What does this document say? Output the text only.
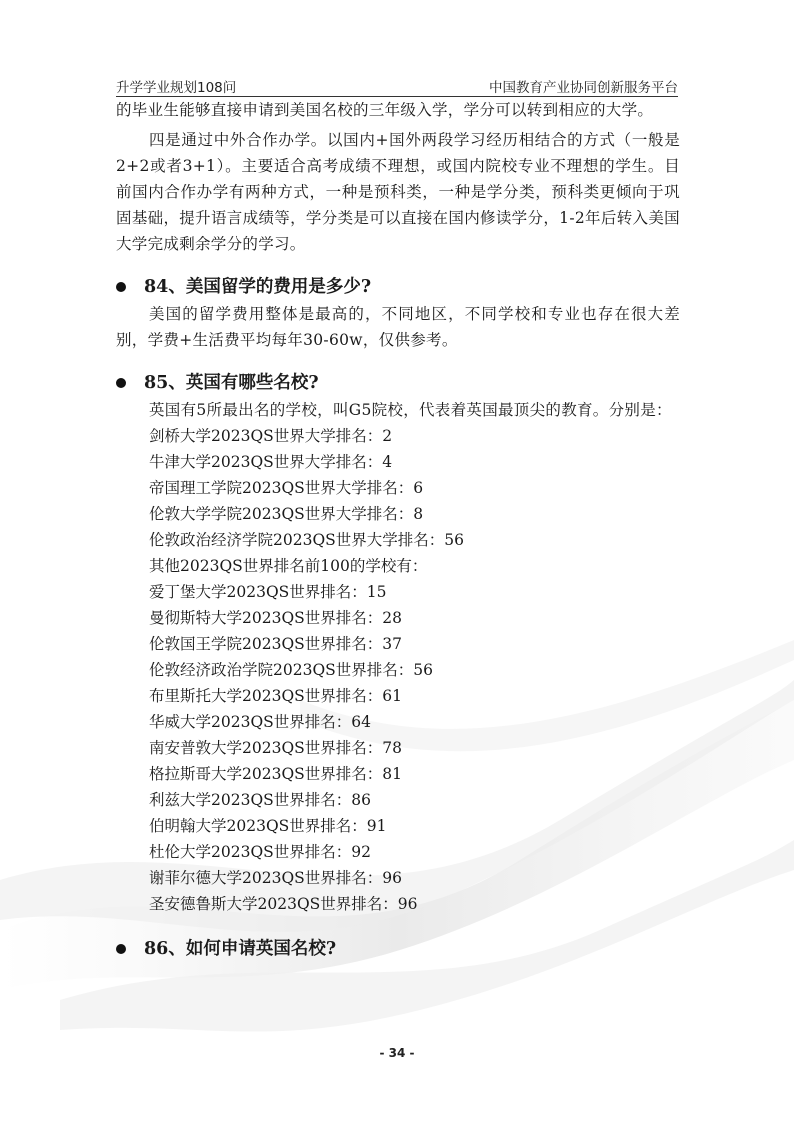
升学学业规划108问	中国教育产业协同创新服务平台

的毕业生能够直接申请到美国名校的三年级入学，学分可以转到相应的大学。

四是通过中外合作办学。以国内+国外两段学习经历相结合的方式（一般是2+2或者3+1）。主要适合高考成绩不理想，或国内院校专业不理想的学生。目前国内合作办学有两种方式，一种是预科类，一种是学分类，预科类更倾向于巩固基础，提升语言成绩等，学分类是可以直接在国内修读学分，1-2年后转入美国大学完成剩余学分的学习。

84、美国留学的费用是多少?

美国的留学费用整体是最高的，不同地区，不同学校和专业也存在很大差别，学费+生活费平均每年30-60w，仅供参考。

85、英国有哪些名校?

英国有5所最出名的学校，叫G5院校，代表着英国最顶尖的教育。分别是：

剑桥大学2023QS世界大学排名：2
牛津大学2023QS世界大学排名：4
帝国理工学院2023QS世界大学排名：6
伦敦大学学院2023QS世界大学排名：8
伦敦政治经济学院2023QS世界大学排名：56
其他2023QS世界排名前100的学校有：
爱丁堡大学2023QS世界排名：15
曼彻斯特大学2023QS世界排名：28
伦敦国王学院2023QS世界排名：37
伦敦经济政治学院2023QS世界排名：56
布里斯托大学2023QS世界排名：61
华威大学2023QS世界排名：64
南安普敦大学2023QS世界排名：78
格拉斯哥大学2023QS世界排名：81
利兹大学2023QS世界排名：86
伯明翰大学2023QS世界排名：91
杜伦大学2023QS世界排名：92
谢菲尔德大学2023QS世界排名：96
圣安德鲁斯大学2023QS世界排名：96
86、如何申请英国名校?
- 34 -
